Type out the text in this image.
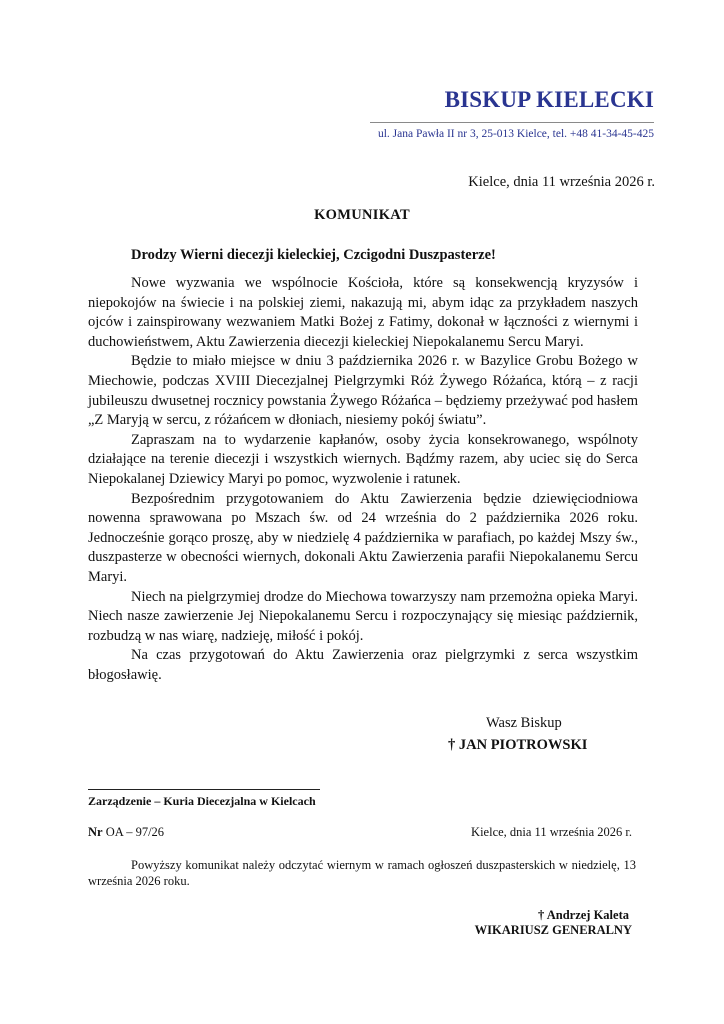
BISKUP KIELECKI
ul. Jana Pawła II nr 3, 25-013 Kielce, tel. +48 41-34-45-425
Kielce, dnia 11 września 2026 r.
KOMUNIKAT
Drodzy Wierni diecezji kieleckiej, Czcigodni Duszpasterze!

Nowe wyzwania we wspólnocie Kościoła, które są konsekwencją kryzysów i niepokojów na świecie i na polskiej ziemi, nakazują mi, abym idąc za przykładem naszych ojców i zainspirowany wezwaniem Matki Bożej z Fatimy, dokonał w łączności z wiernymi i duchowieństwem, Aktu Zawierzenia diecezji kieleckiej Niepokalanemu Sercu Maryi.

Będzie to miało miejsce w dniu 3 października 2026 r. w Bazylice Grobu Bożego w Miechowie, podczas XVIII Diecezjalnej Pielgrzymki Róż Żywego Różańca, którą – z racji jubileuszu dwusetnej rocznicy powstania Żywego Różańca – będziemy przeżywać pod hasłem „Z Maryją w sercu, z różańcem w dłoniach, niesiemy pokój światu”.

Zapraszam na to wydarzenie kapłanów, osoby życia konsekrowanego, wspólnoty działające na terenie diecezji i wszystkich wiernych. Bądźmy razem, aby uciec się do Serca Niepokalanej Dziewicy Maryi po pomoc, wyzwolenie i ratunek.

Bezpośrednim przygotowaniem do Aktu Zawierzenia będzie dziewięciodniowa nowenna sprawowana po Mszach św. od 24 września do 2 października 2026 roku. Jednocześnie gorąco proszę, aby w niedzielę 4 października w parafiach, po każdej Mszy św., duszpasterze w obecności wiernych, dokonali Aktu Zawierzenia parafii Niepokalanemu Sercu Maryi.

Niech na pielgrzymiej drodze do Miechowa towarzyszy nam przemożna opieka Maryi. Niech nasze zawierzenie Jej Niepokalanemu Sercu i rozpoczynający się miesiąc październik, rozbudzą w nas wiarę, nadzieję, miłość i pokój.

Na czas przygotowań do Aktu Zawierzenia oraz pielgrzymki z serca wszystkim błogosławię.

Wasz Biskup
† JAN PIOTROWSKI
Zarządzenie – Kuria Diecezjalna w Kielcach
Nr OA – 97/26	Kielce, dnia 11 września 2026 r.

Powyższy komunikat należy odczytać wiernym w ramach ogłoszeń duszpasterskich w niedzielę, 13 września 2026 roku.

† Andrzej Kaleta
WIKARIUSZ GENERALNY
